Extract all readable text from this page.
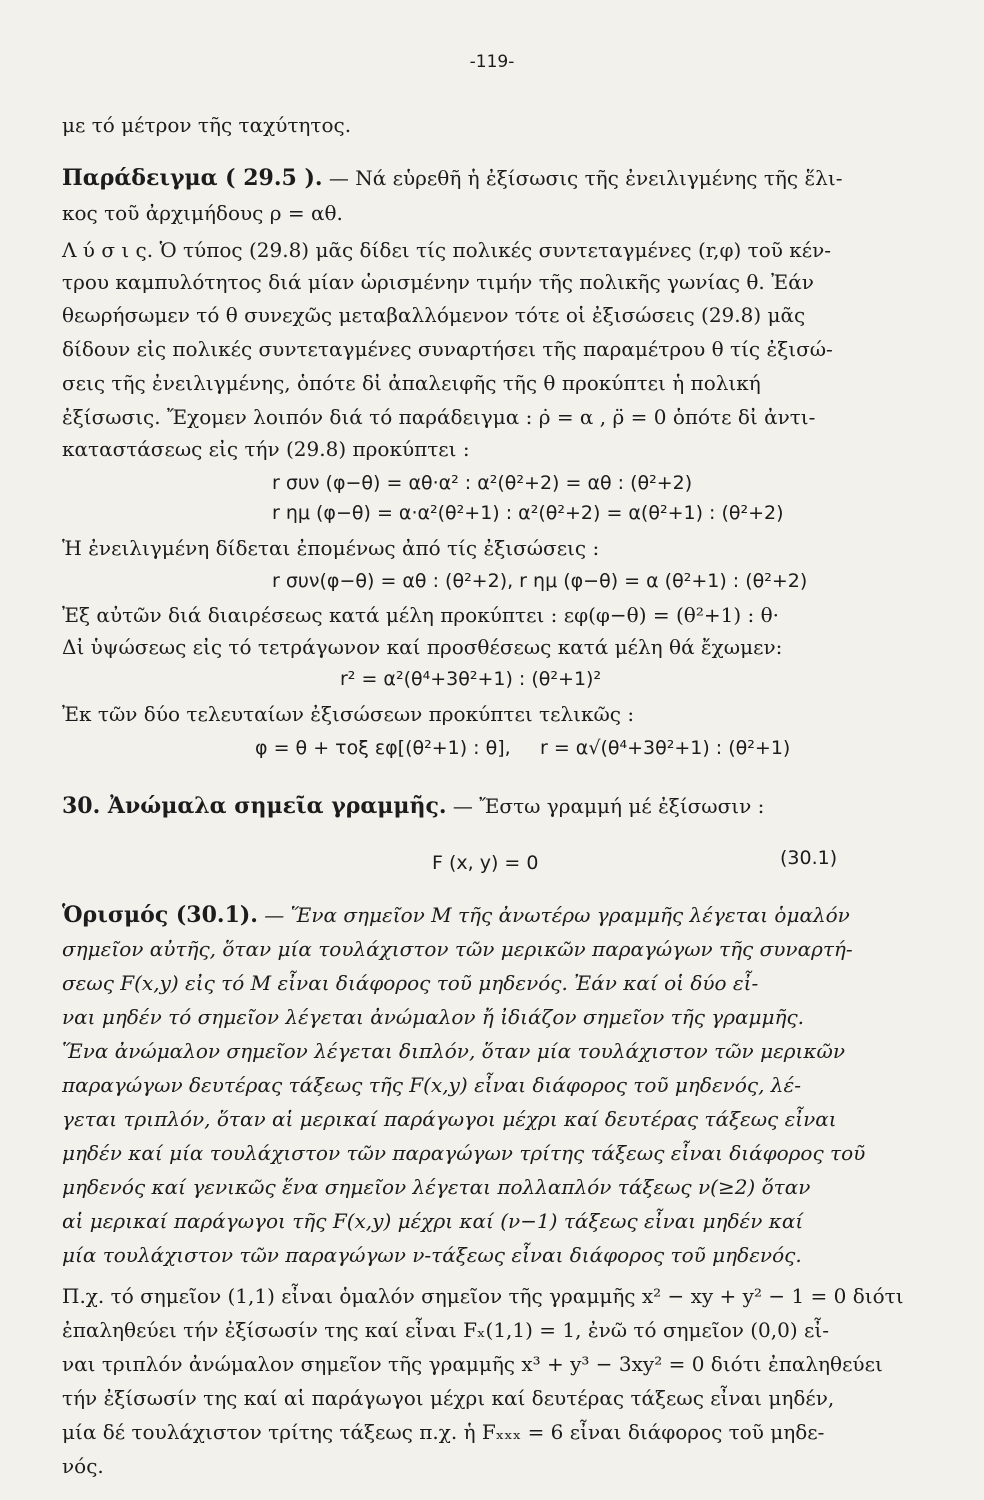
-119-
με τό μέτρον τῆς ταχύτητος.
Παράδειγμα ( 29.5 ). — Νά εὑρεθῆ ἡ ἐξίσωσις τῆς ἐνειλιγμένης τῆς ἕλι-
κος τοῦ ἀρχιμήδους ρ = αθ.
Λ ύ σ ι ς. Ὁ τύπος (29.8) μᾶς δίδει τίς πολικές συντεταγμένες (r,φ) τοῦ κέν-
τρου καμπυλότητος διά μίαν ὡρισμένην τιμήν τῆς πολικῆς γωνίας θ. Ἐάν
θεωρήσωμεν τό θ συνεχῶς μεταβαλλόμενον τότε οἱ ἐξισώσεις (29.8) μᾶς
δίδουν εἰς πολικές συντεταγμένες συναρτήσει τῆς παραμέτρου θ τίς ἐξισώ-
σεις τῆς ἐνειλιγμένης, ὁπότε δἰ ἀπαλειφῆς τῆς θ προκύπτει ἡ πολική
ἐξίσωσις. Ἔχομεν λοιπόν διά τό παράδειγμα : ρ̇ = α , ρ̈ = 0 ὁπότε δἰ ἀντι-
καταστάσεως εἰς τήν (29.8) προκύπτει :
r συν (φ−θ) = αθ·α² : α²(θ²+2) = αθ : (θ²+2)
r ημ (φ−θ) = α·α²(θ²+1) : α²(θ²+2) = α(θ²+1) : (θ²+2)
Ἡ ἐνειλιγμένη δίδεται ἐπομένως ἀπό τίς ἐξισώσεις :
r συν(φ−θ) = αθ : (θ²+2), r ημ (φ−θ) = α (θ²+1) : (θ²+2)
Ἐξ αὐτῶν διά διαιρέσεως κατά μέλη προκύπτει : εφ(φ−θ) = (θ²+1) : θ·
Δἰ ὑψώσεως εἰς τό τετράγωνον καί προσθέσεως κατά μέλη θά ἔχωμεν:
r² = α²(θ⁴+3θ²+1) : (θ²+1)²
Ἐκ τῶν δύο τελευταίων ἐξισώσεων προκύπτει τελικῶς :
φ = θ + τοξ εφ[(θ²+1) : θ], r = α√(θ⁴+3θ²+1) : (θ²+1)
30. Ἀνώμαλα σημεῖα γραμμῆς. — Ἔστω γραμμή μέ ἐξίσωσιν :
F (x, y) = 0	(30.1)
Ὁρισμός (30.1). — Ἕνα σημεῖον Μ τῆς ἀνωτέρω γραμμῆς λέγεται ὁμαλόν
σημεῖον αὐτῆς, ὅταν μία τουλάχιστον τῶν μερικῶν παραγώγων τῆς συναρτή-
σεως F(x,y) εἰς τό Μ εἶναι διάφορος τοῦ μηδενός. Ἐάν καί οἱ δύο εἶ-
ναι μηδέν τό σημεῖον λέγεται ἀνώμαλον ἤ ἰδιάζον σημεῖον τῆς γραμμῆς.
Ἕνα ἀνώμαλον σημεῖον λέγεται διπλόν, ὅταν μία τουλάχιστον τῶν μερικῶν
παραγώγων δευτέρας τάξεως τῆς F(x,y) εἶναι διάφορος τοῦ μηδενός, λέ-
γεται τριπλόν, ὅταν αἱ μερικαί παράγωγοι μέχρι καί δευτέρας τάξεως εἶναι
μηδέν καί μία τουλάχιστον τῶν παραγώγων τρίτης τάξεως εἶναι διάφορος τοῦ
μηδενός καί γενικῶς ἕνα σημεῖον λέγεται πολλαπλόν τάξεως ν(≥2) ὅταν
αἱ μερικαί παράγωγοι τῆς F(x,y) μέχρι καί (ν−1) τάξεως εἶναι μηδέν καί
μία τουλάχιστον τῶν παραγώγων ν-τάξεως εἶναι διάφορος τοῦ μηδενός.
Π.χ. τό σημεῖον (1,1) εἶναι ὁμαλόν σημεῖον τῆς γραμμῆς x² − xy + y² − 1 = 0 διότι
ἐπαληθεύει τήν ἐξίσωσίν της καί εἶναι Fₓ(1,1) = 1, ἐνῶ τό σημεῖον (0,0) εἶ-
ναι τριπλόν ἀνώμαλον σημεῖον τῆς γραμμῆς x³ + y³ − 3xy² = 0 διότι ἐπαληθεύει
τήν ἐξίσωσίν της καί αἱ παράγωγοι μέχρι καί δευτέρας τάξεως εἶναι μηδέν,
μία δέ τουλάχιστον τρίτης τάξεως π.χ. ἡ Fₓₓₓ = 6 εἶναι διάφορος τοῦ μηδε-
νός.
